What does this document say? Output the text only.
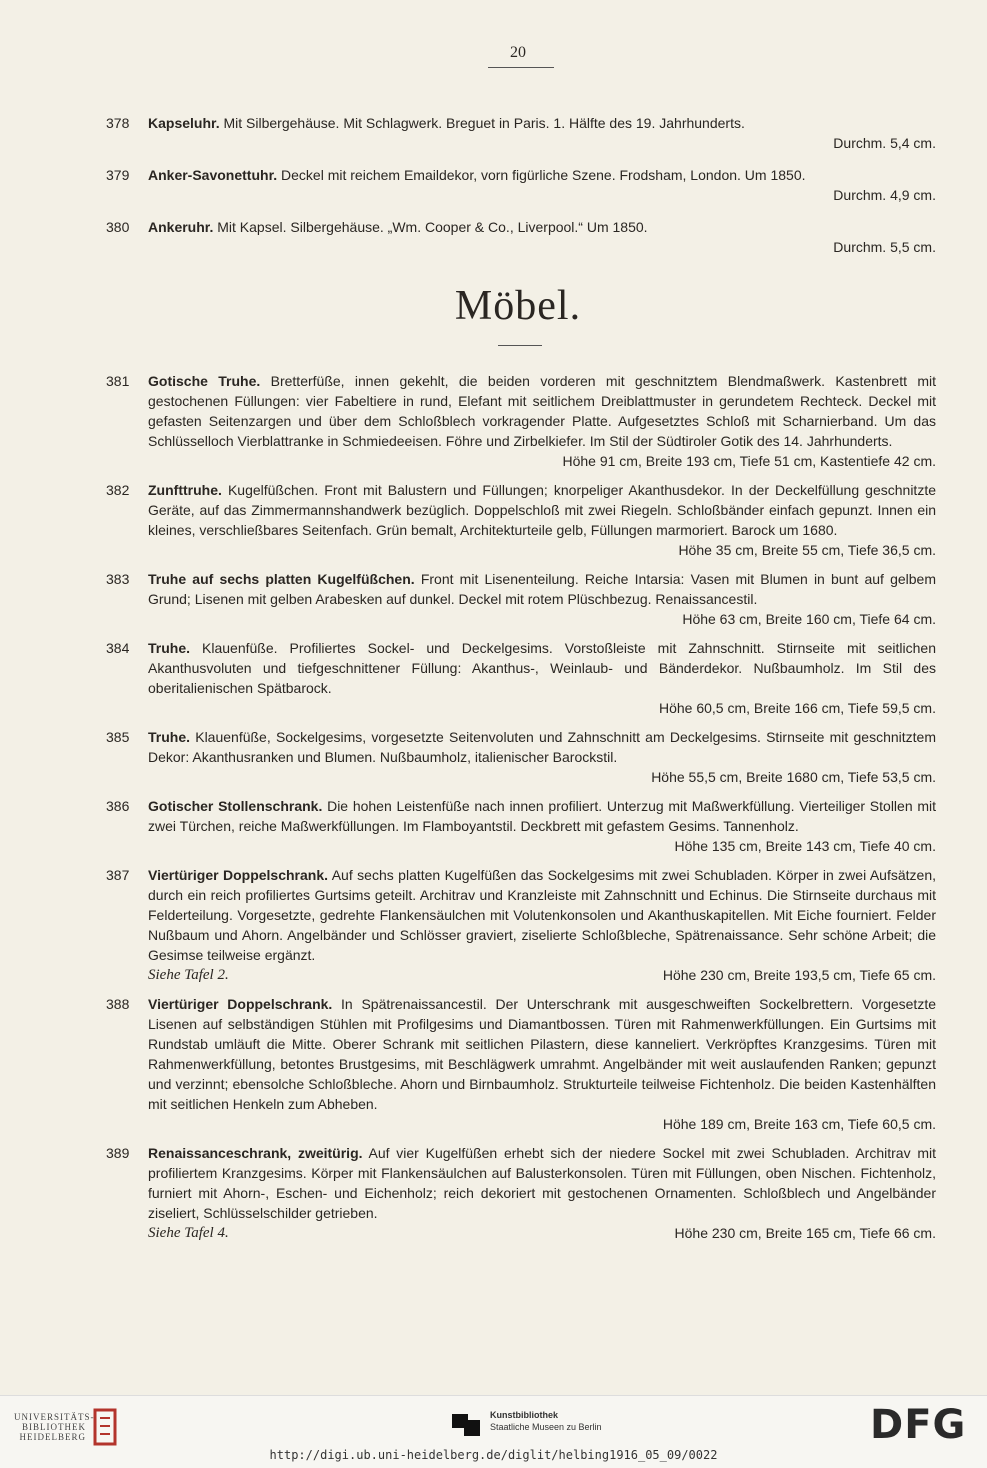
20
378	Kapseluhr. Mit Silbergehäuse. Mit Schlagwerk. Breguet in Paris. 1. Hälfte des 19. Jahrhunderts.
Durchm. 5,4 cm.
379	Anker-Savonettuhr. Deckel mit reichem Emaildekor, vorn figürliche Szene. Frodsham, London. Um 1850.
Durchm. 4,9 cm.
380	Ankeruhr. Mit Kapsel. Silbergehäuse. „Wm. Cooper & Co., Liverpool.“ Um 1850.
Durchm. 5,5 cm.
Möbel.
381	Gotische Truhe. Bretterfüße, innen gekehlt, die beiden vorderen mit geschnitztem Blendmaßwerk. Kastenbrett mit gestochenen Füllungen: vier Fabeltiere in rund, Elefant mit seitlichem Dreiblattmuster in gerundetem Rechteck. Deckel mit gefasten Seitenzargen und über dem Schloßblech vorkragender Platte. Aufgesetztes Schloß mit Scharnierband. Um das Schlüsselloch Vierblattranke in Schmiedeeisen. Föhre und Zirbelkiefer. Im Stil der Südtiroler Gotik des 14. Jahrhunderts.
Höhe 91 cm, Breite 193 cm, Tiefe 51 cm, Kastentiefe 42 cm.
382	Zunfttruhe. Kugelfüßchen. Front mit Balustern und Füllungen; knorpeliger Akanthusdekor. In der Deckelfüllung geschnitzte Geräte, auf das Zimmermannshandwerk bezüglich. Doppelschloß mit zwei Riegeln. Schloßbänder einfach gepunzt. Innen ein kleines, verschließbares Seitenfach. Grün bemalt, Architekturteile gelb, Füllungen marmoriert. Barock um 1680.
Höhe 35 cm, Breite 55 cm, Tiefe 36,5 cm.
383	Truhe auf sechs platten Kugelfüßchen. Front mit Lisenenteilung. Reiche Intarsia: Vasen mit Blumen in bunt auf gelbem Grund; Lisenen mit gelben Arabesken auf dunkel. Deckel mit rotem Plüschbezug. Renaissancestil.
Höhe 63 cm, Breite 160 cm, Tiefe 64 cm.
384	Truhe. Klauenfüße. Profiliertes Sockel- und Deckelgesims. Vorstoßleiste mit Zahnschnitt. Stirnseite mit seitlichen Akanthusvoluten und tiefgeschnittener Füllung: Akanthus-, Weinlaub- und Bänderdekor. Nußbaumholz. Im Stil des oberitalienischen Spätbarock.
Höhe 60,5 cm, Breite 166 cm, Tiefe 59,5 cm.
385	Truhe. Klauenfüße, Sockelgesims, vorgesetzte Seitenvoluten und Zahnschnitt am Deckelgesims. Stirnseite mit geschnitztem Dekor: Akanthusranken und Blumen. Nußbaumholz, italienischer Barockstil.
Höhe 55,5 cm, Breite 1680 cm, Tiefe 53,5 cm.
386	Gotischer Stollenschrank. Die hohen Leistenfüße nach innen profiliert. Unterzug mit Maßwerkfüllung. Vierteiliger Stollen mit zwei Türchen, reiche Maßwerkfüllungen. Im Flamboyantstil. Deckbrett mit gefastem Gesims. Tannenholz.
Höhe 135 cm, Breite 143 cm, Tiefe 40 cm.
387	Viertüriger Doppelschrank. Auf sechs platten Kugelfüßen das Sockelgesims mit zwei Schubladen. Körper in zwei Aufsätzen, durch ein reich profiliertes Gurtsims geteilt. Architrav und Kranzleiste mit Zahnschnitt und Echinus. Die Stirnseite durchaus mit Felderteilung. Vorgesetzte, gedrehte Flankensäulchen mit Volutenkonsolen und Akanthuskapitellen. Mit Eiche fourniert. Felder Nußbaum und Ahorn. Angelbänder und Schlösser graviert, ziselierte Schloßbleche, Spätrenaissance. Sehr schöne Arbeit; die Gesimse teilweise ergänzt.
Siehe Tafel 2.	Höhe 230 cm, Breite 193,5 cm, Tiefe 65 cm.
388	Viertüriger Doppelschrank. In Spätrenaissancestil. Der Unterschrank mit ausgeschweiften Sockelbrettern. Vorgesetzte Lisenen auf selbständigen Stühlen mit Profilgesims und Diamantbossen. Türen mit Rahmenwerkfüllungen. Ein Gurtsims mit Rundstab umläuft die Mitte. Oberer Schrank mit seitlichen Pilastern, diese kanneliert. Verkröpftes Kranzgesims. Türen mit Rahmenwerkfüllung, betontes Brustgesims, mit Beschlägwerk umrahmt. Angelbänder mit weit auslaufenden Ranken; gepunzt und verzinnt; ebensolche Schloßbleche. Ahorn und Birnbaumholz. Strukturteile teilweise Fichtenholz. Die beiden Kastenhälften mit seitlichen Henkeln zum Abheben.
Höhe 189 cm, Breite 163 cm, Tiefe 60,5 cm.
389	Renaissanceschrank, zweitürig. Auf vier Kugelfüßen erhebt sich der niedere Sockel mit zwei Schubladen. Architrav mit profiliertem Kranzgesims. Körper mit Flankensäulchen auf Balusterkonsolen. Türen mit Füllungen, oben Nischen. Fichtenholz, furniert mit Ahorn-, Eschen- und Eichenholz; reich dekoriert mit gestochenen Ornamenten. Schloßblech und Angelbänder ziseliert, Schlüsselschilder getrieben.
Siehe Tafel 4.	Höhe 230 cm, Breite 165 cm, Tiefe 66 cm.
UNIVERSITÄTS-
BIBLIOTHEK
HEIDELBERG
Kunstbibliothek
Staatliche Museen zu Berlin	DFG
http://digi.ub.uni-heidelberg.de/diglit/helbing1916_05_09/0022
